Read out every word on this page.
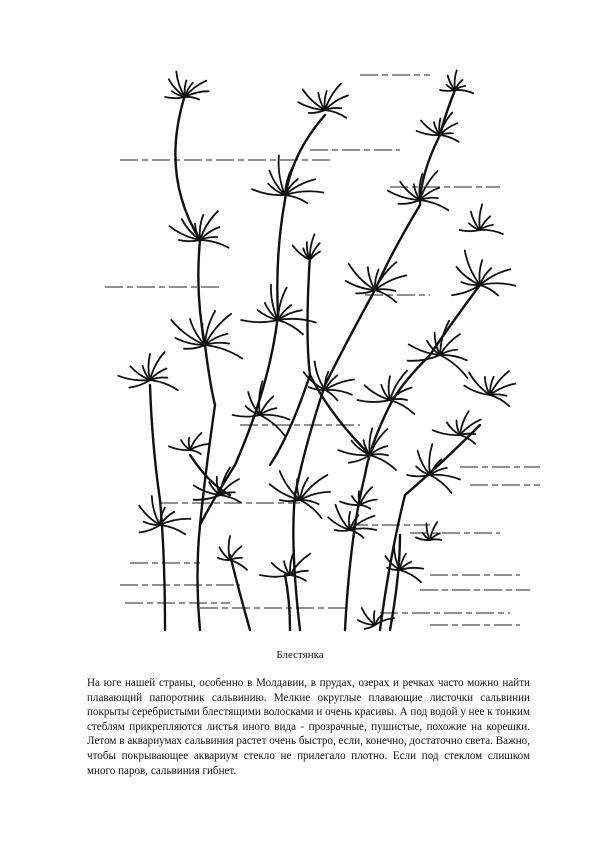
Блестянка

На юге нашей страны, особенно в Молдавии, в прудах, озерах и речках часто можно найти плавающий папоротник сальвинию. Мелкие округлые плавающие листочки сальвинии покрыты серебристыми блестящими волосками и очень красивы. А под водой у нее к тонким стеблям прикрепляются листья иного вида - прозрачные, пушистые, похожие на корешки. Летом в аквариумах сальвиния растет очень быстро, если, конечно, достаточно света. Важно, чтобы покрывающее аквариум стекло не прилегало плотно. Если под стеклом слишком много паров, сальвиния гибнет.
